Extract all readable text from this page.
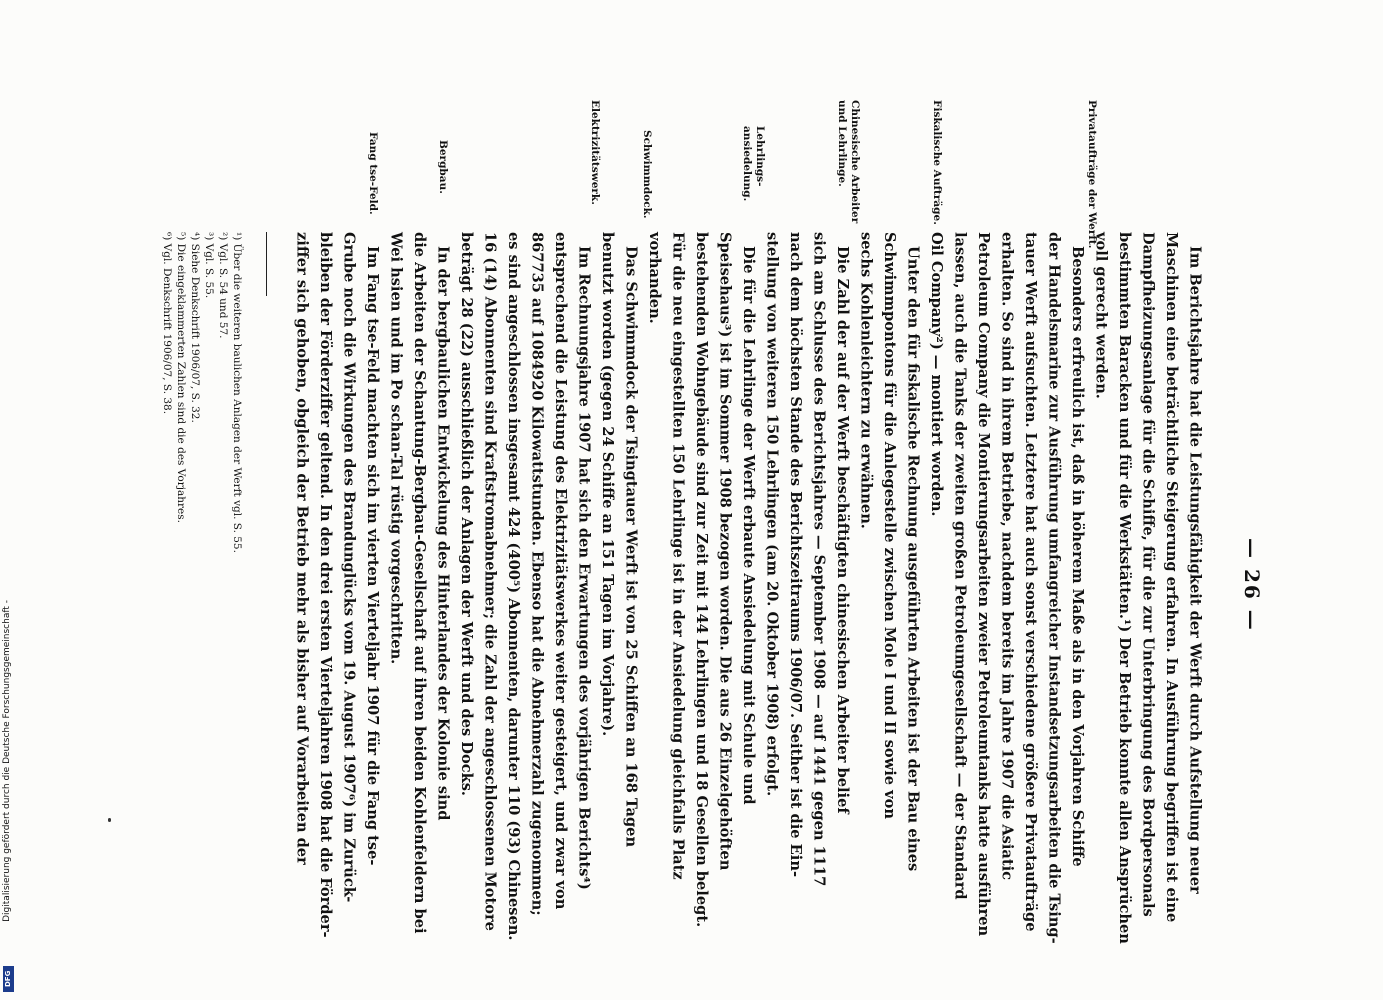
— 26 —

Im Berichtsjahre hat die Leistungsfähigkeit der Werft durch Aufstellung neuer

Maschinen eine beträchtliche Steigerung erfahren. In Ausführung begriffen ist eine

Dampfheizungsanlage für die Schiffe, für die zur Unterbringung des Bordpersonals

bestimmten Baracken und für die Werkstätten.¹) Der Betrieb konnte allen Ansprüchen

voll gerecht werden.

Besonders erfreulich ist, daß in höherem Maße als in den Vorjahren Schiffe

der Handelsmarine zur Ausführung umfangreicher Instandsetzungsarbeiten die Tsing-

tauer Werft aufsuchten. Letztere hat auch sonst verschiedene größere Privataufträge

erhalten. So sind in ihrem Betriebe, nachdem bereits im Jahre 1907 die Asiatic

Petroleum Company die Montierungsarbeiten zweier Petroleumtanks hatte ausführen

lassen, auch die Tanks der zweiten großen Petroleumgesellschaft — der Standard

Oil Company²) — montiert worden.

Unter den für fiskalische Rechnung ausgeführten Arbeiten ist der Bau eines

Schwimmpontons für die Anlegestelle zwischen Mole I und II sowie von

sechs Kohlenleichtern zu erwähnen.

Die Zahl der auf der Werft beschäftigten chinesischen Arbeiter belief

sich am Schlusse des Berichtsjahres — September 1908 — auf 1441 gegen 1117

nach dem höchsten Stande des Berichtszeitraums 1906/07. Seither ist die Ein-

stellung von weiteren 150 Lehrlingen (am 20. Oktober 1908) erfolgt.

Die für die Lehrlinge der Werft erbaute Ansiedelung mit Schule und

Speisehaus³) ist im Sommer 1908 bezogen worden. Die aus 26 Einzelgehöften

bestehenden Wohngebäude sind zur Zeit mit 144 Lehrlingen und 18 Gesellen belegt.

Für die neu eingestellten 150 Lehrlinge ist in der Ansiedelung gleichfalls Platz

vorhanden.

Das Schwimmdock der Tsingtauer Werft ist von 25 Schiffen an 168 Tagen

benutzt worden (gegen 24 Schiffe an 151 Tagen im Vorjahre).

Im Rechnungsjahre 1907 hat sich den Erwartungen des vorjährigen Berichts⁴)

entsprechend die Leistung des Elektrizitätswerkes weiter gesteigert, und zwar von

867735 auf 1084920 Kilowattstunden. Ebenso hat die Abnehmerzahl zugenommen;

es sind angeschlossen insgesamt 424 (400⁵) Abonnenten, darunter 110 (93) Chinesen.

16 (14) Abonnenten sind Kraftstromabnehmer; die Zahl der angeschlossenen Motore

beträgt 28 (22) ausschließlich der Anlagen der Werft und des Docks.

In der bergbaulichen Entwickelung des Hinterlandes der Kolonie sind

die Arbeiten der Schantung-Bergbau-Gesellschaft auf ihren beiden Kohlenfeldern bei

Wei hsien und im Po schan-Tal rüstig vorgeschritten.

Im Fang tse-Feld machten sich im vierten Vierteljahr 1907 für die Fang tse-

Grube noch die Wirkungen des Brandunglücks vom 19. August 1907⁶) im Zurück-

bleiben der Förderziffer geltend. In den drei ersten Vierteljahren 1908 hat die Förder-

ziffer sich gehoben, obgleich der Betrieb mehr als bisher auf Vorarbeiten der

Privataufträge der Werft.
Fiskalische Aufträge.
Chinesische Arbeiter und Lehrlinge.
Lehrlings-ansiedelung.
Schwimmdock.
Elektrizitätswerk.
Bergbau.
Fang tse-Feld.

¹) Über die weiteren baulichen Anlagen der Werft vgl. S. 55.

²) Vgl. S. 54 und 57.

³) Vgl. S. 55.

⁴) Siehe Denkschrift 1906/07, S. 32.

⁵) Die eingeklammerten Zahlen sind die des Vorjahres.

⁶) Vgl. Denkschrift 1906/07, S. 38.

Digitalisierung gefördert durch die Deutsche Forschungsgemeinschaft -
DFG
